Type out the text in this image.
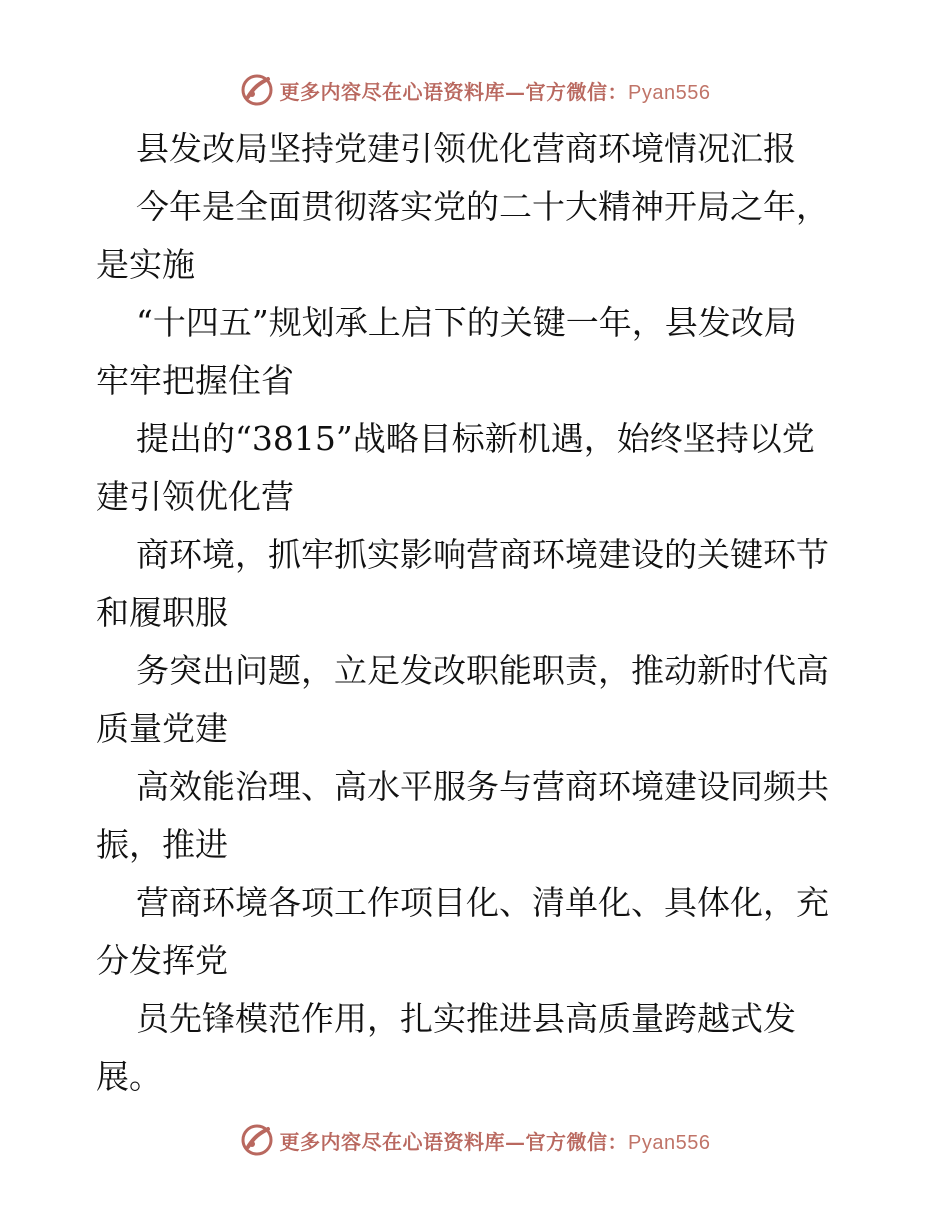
更多内容尽在心语资料库—官方微信：Pyan556
县发改局坚持党建引领优化营商环境情况汇报
今年是全面贯彻落实党的二十大精神开局之年，
是实施
“十四五”规划承上启下的关键一年，县发改局
牢牢把握住省
提出的“3815”战略目标新机遇，始终坚持以党
建引领优化营
商环境，抓牢抓实影响营商环境建设的关键环节
和履职服
务突出问题，立足发改职能职责，推动新时代高
质量党建
高效能治理、高水平服务与营商环境建设同频共
振，推进
营商环境各项工作项目化、清单化、具体化，充
分发挥党
员先锋模范作用，扎实推进县高质量跨越式发
展。
更多内容尽在心语资料库—官方微信：Pyan556
